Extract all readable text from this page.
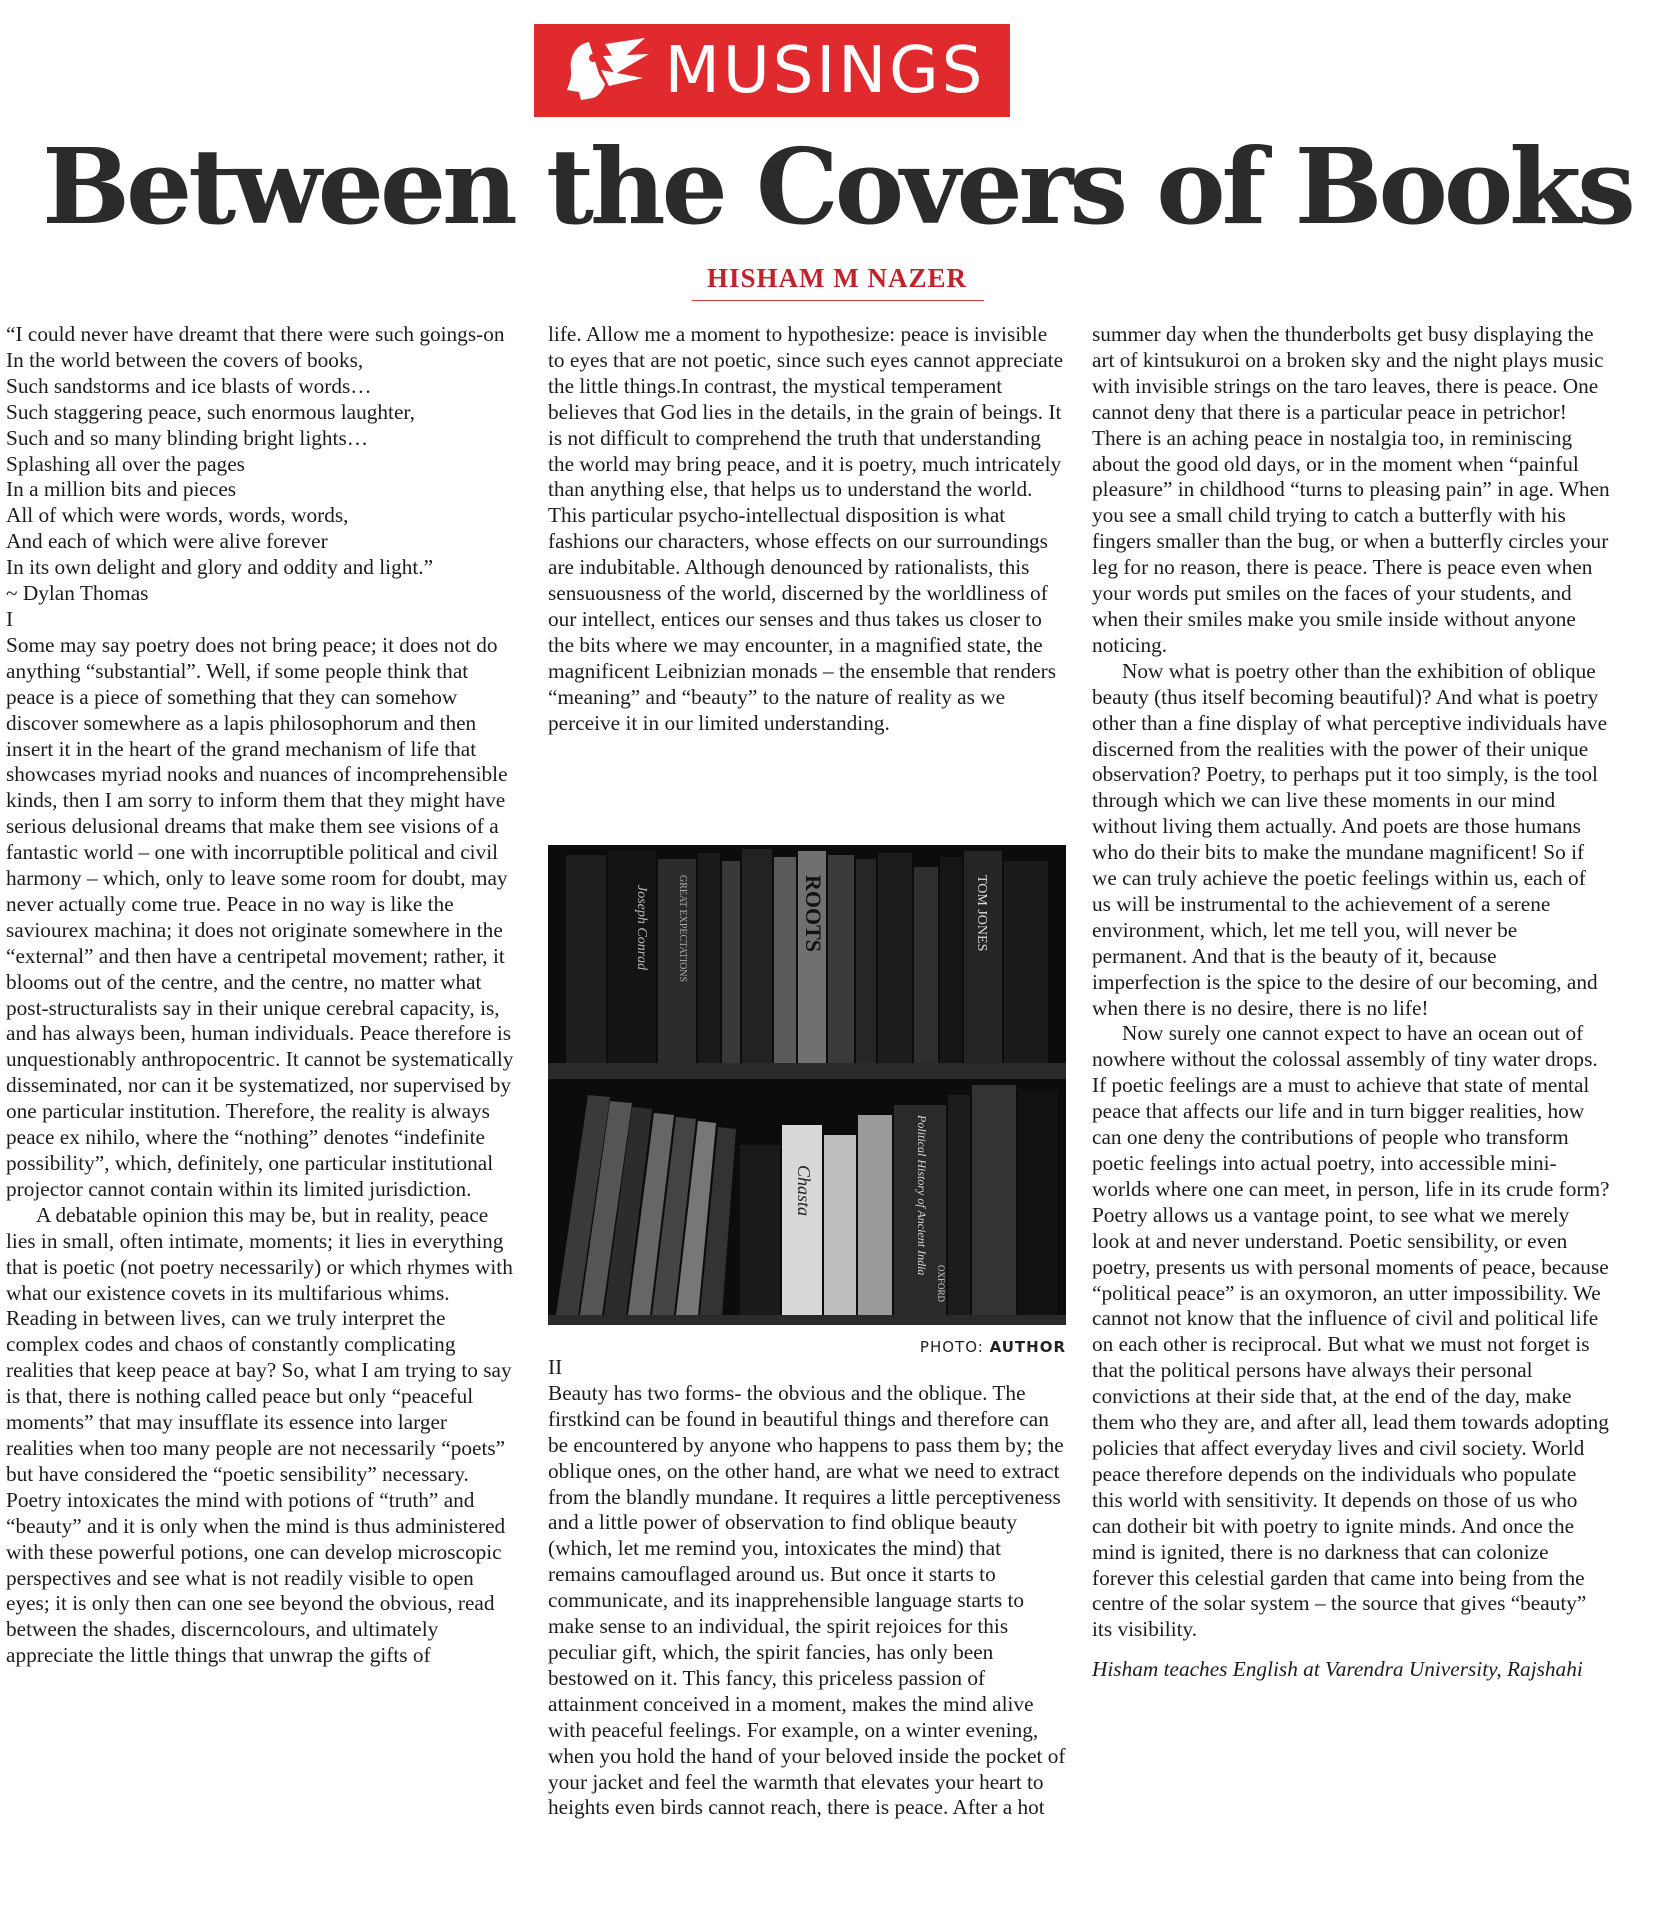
MUSINGS
Between the Covers of Books
HISHAM M NAZER

“I could never have dreamt that there were such goings-on
In the world between the covers of books,
Such sandstorms and ice blasts of words…
Such staggering peace, such enormous laughter,
Such and so many blinding bright lights…
Splashing all over the pages
In a million bits and pieces
All of which were words, words, words,
And each of which were alive forever
In its own delight and glory and oddity and light.”

~ Dylan Thomas

I

Some may say poetry does not bring peace; it does not do anything “substantial”. Well, if some people think that peace is a piece of something that they can somehow discover somewhere as a lapis philosophorum and then insert it in the heart of the grand mechanism of life that showcases myriad nooks and nuances of incomprehensible kinds, then I am sorry to inform them that they might have serious delusional dreams that make them see visions of a fantastic world – one with incorruptible political and civil harmony – which, only to leave some room for doubt, may never actually come true. Peace in no way is like the saviourex machina; it does not originate somewhere in the “external” and then have a centripetal movement; rather, it blooms out of the centre, and the centre, no matter what post-structuralists say in their unique cerebral capacity, is, and has always been, human individuals. Peace therefore is unquestionably anthropocentric. It cannot be systematically disseminated, nor can it be systematized, nor supervised by one particular institution. Therefore, the reality is always peace ex nihilo, where the “nothing” denotes “indefinite possibility”, which, definitely, one particular institutional projector cannot contain within its limited jurisdiction.

A debatable opinion this may be, but in reality, peace lies in small, often intimate, moments; it lies in everything that is poetic (not poetry necessarily) or which rhymes with what our existence covets in its multifarious whims. Reading in between lives, can we truly interpret the complex codes and chaos of constantly complicating realities that keep peace at bay? So, what I am trying to say is that, there is nothing called peace but only “peaceful moments” that may insufflate its essence into larger realities when too many people are not necessarily “poets” but have considered the “poetic sensibility” necessary. Poetry intoxicates the mind with potions of “truth” and “beauty” and it is only when the mind is thus administered with these powerful potions, one can develop microscopic perspectives and see what is not readily visible to open eyes; it is only then can one see beyond the obvious, read between the shades, discerncolours, and ultimately appreciate the little things that unwrap the gifts of

life. Allow me a moment to hypothesize: peace is invisible to eyes that are not poetic, since such eyes cannot appreciate the little things.In contrast, the mystical temperament believes that God lies in the details, in the grain of beings. It is not difficult to comprehend the truth that understanding the world may bring peace, and it is poetry, much intricately than anything else, that helps us to understand the world. This particular psycho-intellectual disposition is what fashions our characters, whose effects on our surroundings are indubitable. Although denounced by rationalists, this sensuousness of the world, discerned by the worldliness of our intellect, entices our senses and thus takes us closer to the bits where we may encounter, in a magnified state, the magnificent Leibnizian monads – the ensemble that renders “meaning” and “beauty” to the nature of reality as we perceive it in our limited understanding.

Joseph Conrad	GREAT EXPECTATIONS	ROOTS	TOM JONES
Chasta	Political History of Ancient India
OXFORD
PHOTO: AUTHOR

II

Beauty has two forms- the obvious and the oblique. The firstkind can be found in beautiful things and therefore can be encountered by anyone who happens to pass them by; the oblique ones, on the other hand, are what we need to extract from the blandly mundane. It requires a little perceptiveness and a little power of observation to find oblique beauty (which, let me remind you, intoxicates the mind) that remains camouflaged around us. But once it starts to communicate, and its inapprehensible language starts to make sense to an individual, the spirit rejoices for this peculiar gift, which, the spirit fancies, has only been bestowed on it. This fancy, this priceless passion of attainment conceived in a moment, makes the mind alive with peaceful feelings. For example, on a winter evening, when you hold the hand of your beloved inside the pocket of your jacket and feel the warmth that elevates your heart to heights even birds cannot reach, there is peace. After a hot

summer day when the thunderbolts get busy displaying the art of kintsukuroi on a broken sky and the night plays music with invisible strings on the taro leaves, there is peace. One cannot deny that there is a particular peace in petrichor! There is an aching peace in nostalgia too, in reminiscing about the good old days, or in the moment when “painful pleasure” in childhood “turns to pleasing pain” in age. When you see a small child trying to catch a butterfly with his fingers smaller than the bug, or when a butterfly circles your leg for no reason, there is peace. There is peace even when your words put smiles on the faces of your students, and when their smiles make you smile inside without anyone noticing.

Now what is poetry other than the exhibition of oblique beauty (thus itself becoming beautiful)? And what is poetry other than a fine display of what perceptive individuals have discerned from the realities with the power of their unique observation? Poetry, to perhaps put it too simply, is the tool through which we can live these moments in our mind without living them actually. And poets are those humans who do their bits to make the mundane magnificent! So if we can truly achieve the poetic feelings within us, each of us will be instrumental to the achievement of a serene environment, which, let me tell you, will never be permanent. And that is the beauty of it, because imperfection is the spice to the desire of our becoming, and when there is no desire, there is no life!

Now surely one cannot expect to have an ocean out of nowhere without the colossal assembly of tiny water drops. If poetic feelings are a must to achieve that state of mental peace that affects our life and in turn bigger realities, how can one deny the contributions of people who transform poetic feelings into actual poetry, into accessible mini-worlds where one can meet, in person, life in its crude form? Poetry allows us a vantage point, to see what we merely look at and never understand. Poetic sensibility, or even poetry, presents us with personal moments of peace, because “political peace” is an oxymoron, an utter impossibility. We cannot not know that the influence of civil and political life on each other is reciprocal. But what we must not forget is that the political persons have always their personal convictions at their side that, at the end of the day, make them who they are, and after all, lead them towards adopting policies that affect everyday lives and civil society. World peace therefore depends on the individuals who populate this world with sensitivity. It depends on those of us who can dotheir bit with poetry to ignite minds. And once the mind is ignited, there is no darkness that can colonize forever this celestial garden that came into being from the centre of the solar system – the source that gives “beauty” its visibility.

Hisham teaches English at Varendra University, Rajshahi
